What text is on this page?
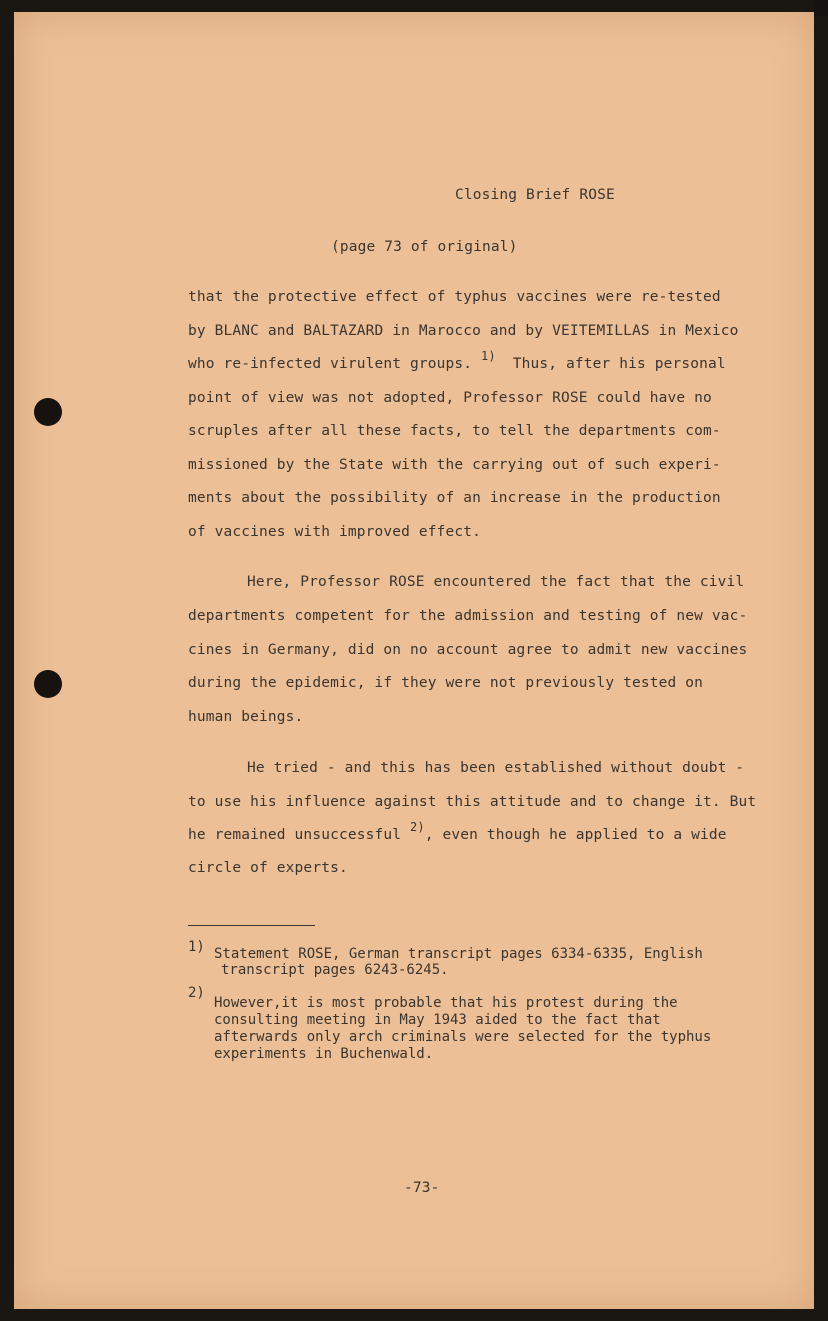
Closing Brief ROSE
(page 73 of original)
that the protective effect of typhus vaccines were re-tested
by BLANC and BALTAZARD in Marocco and by VEITEMILLAS in Mexico
who re-infected virulent groups. $^{1)}$ Thus, after his personal
point of view was not adopted, Professor ROSE could have no
scruples after all these facts, to tell the departments com-
missioned by the State with the carrying out of such experi-
ments about the possibility of an increase in the production
of vaccines with improved effect.
Here, Professor ROSE encountered the fact that the civil
departments competent for the admission and testing of new vac-
cines in Germany, did on no account agree to admit new vaccines
during the epidemic, if they were not previously tested on
human beings.
He tried - and this has been established without doubt -
to use his influence against this attitude and to change it. But
he remained unsuccessful $^{2)}$, even though he applied to a wide
circle of experts.
1) Statement ROSE, German transcript pages 6334-6335, English
transcript pages 6243-6245.
2)
However,it is most probable that his protest during the
consulting meeting in May 1943 aided to the fact that
afterwards only arch criminals were selected for the typhus
experiments in Buchenwald.
-73-
